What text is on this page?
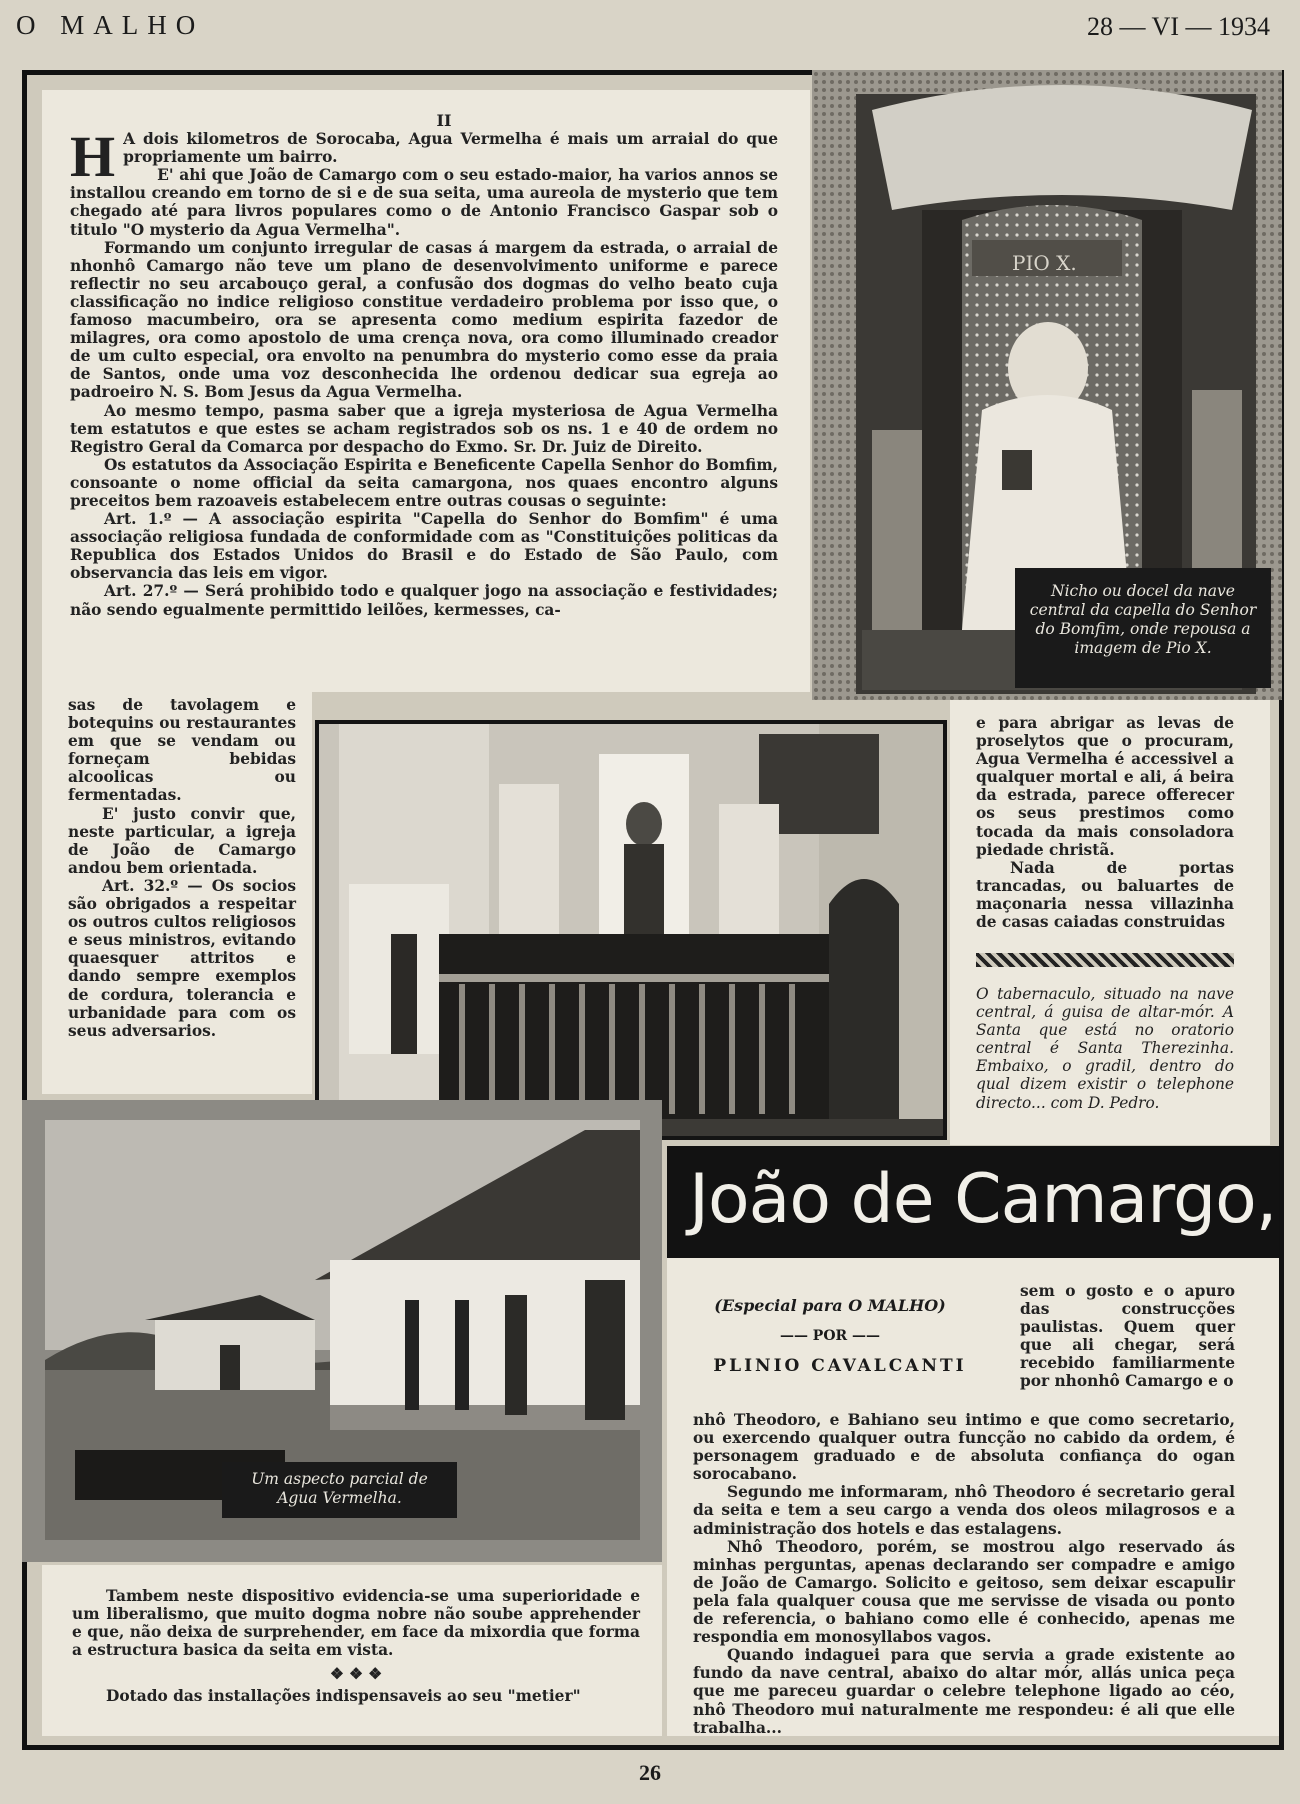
O MALHO	28 — VI — 1934
II
H A dois kilometros de Sorocaba, Agua Vermelha é mais um arraial do que propriamente um bairro.

E' ahi que João de Camargo com o seu estado-maior, ha varios annos se installou creando em torno de si e de sua seita, uma aureola de mysterio que tem chegado até para livros populares como o de Antonio Francisco Gaspar sob o titulo "O mysterio da Agua Vermelha".

Formando um conjunto irregular de casas á margem da estrada, o arraial de nhonhô Camargo não teve um plano de desenvolvimento uniforme e parece reflectir no seu arcabouço geral, a confusão dos dogmas do velho beato cuja classificação no indice religioso constitue verdadeiro problema por isso que, o famoso macumbeiro, ora se apresenta como medium espirita fazedor de milagres, ora como apostolo de uma crença nova, ora como illuminado creador de um culto especial, ora envolto na penumbra do mysterio como esse da praia de Santos, onde uma voz desconhecida lhe ordenou dedicar sua egreja ao padroeiro N. S. Bom Jesus da Agua Vermelha.

Ao mesmo tempo, pasma saber que a igreja mysteriosa de Agua Vermelha tem estatutos e que estes se acham registrados sob os ns. 1 e 40 de ordem no Registro Geral da Comarca por despacho do Exmo. Sr. Dr. Juiz de Direito.

Os estatutos da Associação Espirita e Beneficente Capella Senhor do Bomfim, consoante o nome official da seita camargona, nos quaes encontro alguns preceitos bem razoaveis estabelecem entre outras cousas o seguinte:

Art. 1.º — A associação espirita "Capella do Senhor do Bomfim" é uma associação religiosa fundada de conformidade com as "Constituições politicas da Republica dos Estados Unidos do Brasil e do Estado de São Paulo, com observancia das leis em vigor.

Art. 27.º — Será prohibido todo e qualquer jogo na associação e festividades; não sendo egualmente permittido leilões, kermesses, ca-

PIO X.
Nicho ou docel da nave central da capella do Senhor do Bomfim, onde repousa a imagem de Pio X.

sas de tavolagem e botequins ou restaurantes em que se vendam ou forneçam bebidas alcoolicas ou fermentadas.

E' justo convir que, neste particular, a igreja de João de Camargo andou bem orientada.

Art. 32.º — Os socios são obrigados a respeitar os outros cultos religiosos e seus ministros, evitando quaesquer attritos e dando sempre exemplos de cordura, tolerancia e urbanidade para com os seus adversarios.

e para abrigar as levas de proselytos que o procuram, Agua Vermelha é accessivel a qualquer mortal e ali, á beira da estrada, parece offerecer os seus prestimos como tocada da mais consoladora piedade christã.

Nada de portas trancadas, ou baluartes de maçonaria nessa villazinha de casas caiadas construidas

O tabernaculo, situado na nave central, á guisa de altar-mór. A Santa que está no oratorio central é Santa Therezinha. Embaixo, o gradil, dentro do qual dizem existir o telephone directo... com D. Pedro.
Um aspecto parcial de Agua Vermelha.
João de Camargo,
(Especial para O MALHO)
—— POR ——
PLINIO CAVALCANTI
sem o gosto e o apuro das construcções paulistas. Quem quer que ali chegar, será recebido familiarmente por nhonhô Camargo e o

nhô Theodoro, e Bahiano seu intimo e que como secretario, ou exercendo qualquer outra funcção no cabido da ordem, é personagem graduado e de absoluta confiança do ogan sorocabano.

Segundo me informaram, nhô Theodoro é secretario geral da seita e tem a seu cargo a venda dos oleos milagrosos e a administração dos hotels e das estalagens.

Nhô Theodoro, porém, se mostrou algo reservado ás minhas perguntas, apenas declarando ser compadre e amigo de João de Camargo. Solicito e geitoso, sem deixar escapulir pela fala qualquer cousa que me servisse de visada ou ponto de referencia, o bahiano como elle é conhecido, apenas me respondia em monosyllabos vagos.

Quando indaguei para que servia a grade existente ao fundo da nave central, abaixo do altar mór, allás unica peça que me pareceu guardar o celebre telephone ligado ao céo, nhô Theodoro mui naturalmente me respondeu: é ali que elle trabalha...

Tambem neste dispositivo evidencia-se uma superioridade e um liberalismo, que muito dogma nobre não soube apprehender e que, não deixa de surprehender, em face da mixordia que forma a estructura basica da seita em vista.

❖ ❖ ❖

Dotado das installações indispensaveis ao seu "metier"

26
